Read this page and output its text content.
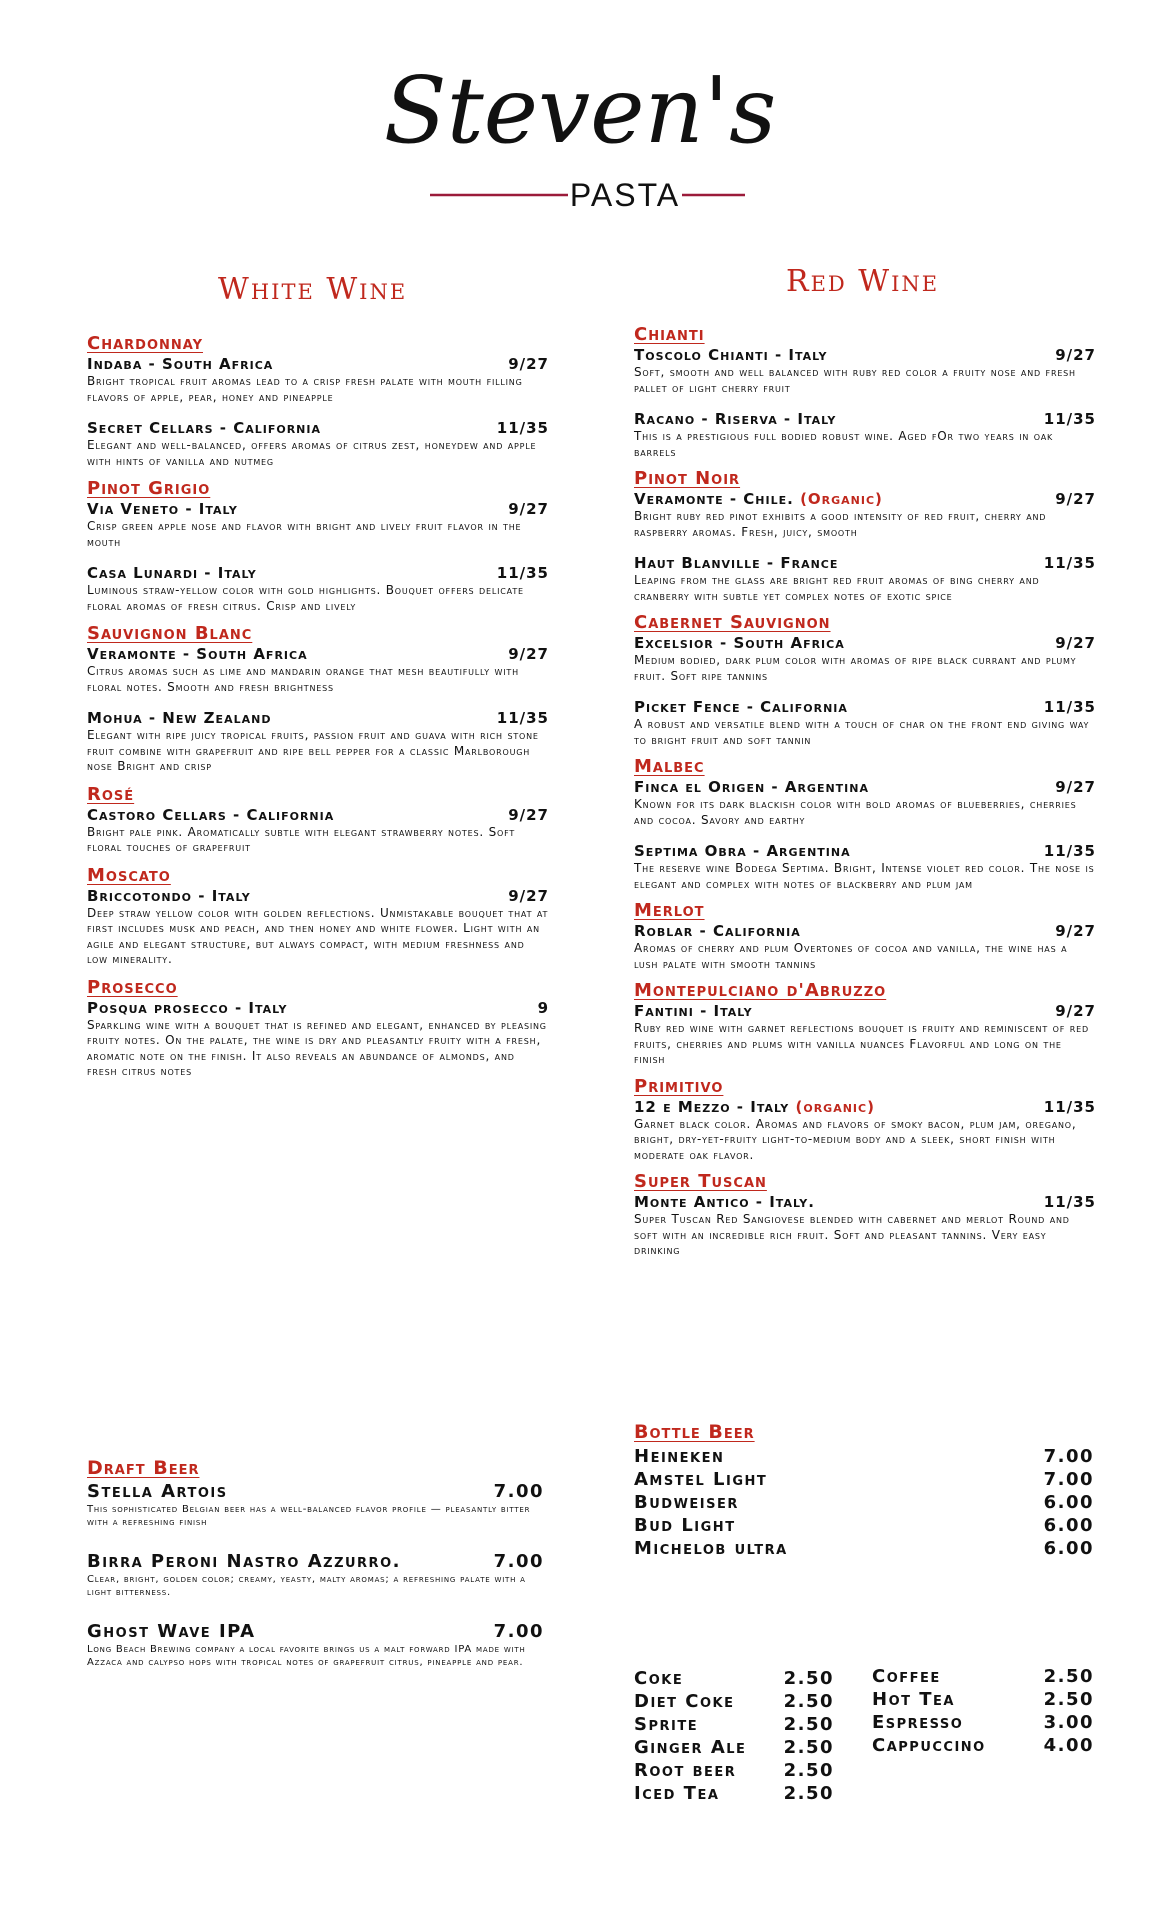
Steven's
PASTA
White Wine	Red Wine
Chardonnay
Indaba - South Africa	9/27
Bright tropical fruit aromas lead to a crisp fresh palate with mouth filling flavors of apple, pear, honey and pineapple
Secret Cellars - California	11/35
Elegant and well-balanced, offers aromas of citrus zest, honeydew and apple with hints of vanilla and nutmeg
Pinot Grigio
Via Veneto - Italy	9/27
Crisp green apple nose and flavor with bright and lively fruit flavor in the mouth
Casa Lunardi - Italy	11/35
Luminous straw-yellow color with gold highlights. Bouquet offers delicate floral aromas of fresh citrus. Crisp and lively
Sauvignon Blanc
Veramonte - South Africa	9/27
Citrus aromas such as lime and mandarin orange that mesh beautifully with floral notes. Smooth and fresh brightness
Mohua - New Zealand	11/35
Elegant with ripe juicy tropical fruits, passion fruit and guava with rich stone fruit combine with grapefruit and ripe bell pepper for a classic Marlborough nose Bright and crisp
Rosé
Castoro Cellars - California	9/27
Bright pale pink. Aromatically subtle with elegant strawberry notes. Soft floral touches of grapefruit
Moscato
Briccotondo - Italy	9/27
Deep straw yellow color with golden reflections. Unmistakable bouquet that at first includes musk and peach, and then honey and white flower. Light with an agile and elegant structure, but always compact, with medium freshness and low minerality.
Prosecco
Posqua prosecco - Italy	9
Sparkling wine with a bouquet that is refined and elegant, enhanced by pleasing fruity notes. On the palate, the wine is dry and pleasantly fruity with a fresh, aromatic note on the finish. It also reveals an abundance of almonds, and fresh citrus notes
Chianti
Toscolo Chianti - Italy	9/27
Soft, smooth and well balanced with ruby red color a fruity nose and fresh pallet of light cherry fruit
Racano - Riserva - Italy	11/35
This is a prestigious full bodied robust wine. Aged fOr two years in oak barrels
Pinot Noir
Veramonte - Chile. (Organic)	9/27
Bright ruby red pinot exhibits a good intensity of red fruit, cherry and raspberry aromas. Fresh, juicy, smooth
Haut Blanville - France	11/35
Leaping from the glass are bright red fruit aromas of bing cherry and cranberry with subtle yet complex notes of exotic spice
Cabernet Sauvignon
Excelsior - South Africa	9/27
Medium bodied, dark plum color with aromas of ripe black currant and plumy fruit. Soft ripe tannins
Picket Fence - California	11/35
A robust and versatile blend with a touch of char on the front end giving way to bright fruit and soft tannin
Malbec
Finca el Origen - Argentina	9/27
Known for its dark blackish color with bold aromas of blueberries, cherries and cocoa. Savory and earthy
Septima Obra - Argentina	11/35
The reserve wine Bodega Septima. Bright, Intense violet red color. The nose is elegant and complex with notes of blackberry and plum jam
Merlot
Roblar - California	9/27
Aromas of cherry and plum Overtones of cocoa and vanilla, the wine has a lush palate with smooth tannins
Montepulciano d'Abruzzo
Fantini - Italy	9/27
Ruby red wine with garnet reflections bouquet is fruity and reminiscent of red fruits, cherries and plums with vanilla nuances Flavorful and long on the finish
Primitivo
12 e Mezzo - Italy (organic)	11/35
Garnet black color. Aromas and flavors of smoky bacon, plum jam, oregano, bright, dry-yet-fruity light-to-medium body and a sleek, short finish with moderate oak flavor.
Super Tuscan
Monte Antico - Italy.	11/35
Super Tuscan Red Sangiovese blended with cabernet and merlot Round and soft with an incredible rich fruit. Soft and pleasant tannins. Very easy drinking
Draft Beer
Stella Artois	7.00
This sophisticated Belgian beer has a well-balanced flavor profile — pleasantly bitter with a refreshing finish
Birra Peroni Nastro Azzurro.	7.00
Clear, bright, golden color; creamy, yeasty, malty aromas; a refreshing palate with a light bitterness.
Ghost Wave IPA	7.00
Long Beach Brewing company a local favorite brings us a malt forward IPA made with Azzaca and calypso hops with tropical notes of grapefruit citrus, pineapple and pear.
Bottle Beer
Heineken	7.00
Amstel Light	7.00
Budweiser	6.00
Bud Light	6.00
Michelob ultra	6.00
Coke	2.50
Diet Coke	2.50
Sprite	2.50
Ginger Ale 2.50
Root beer	2.50
Iced Tea	2.50
Coffee	2.50
Hot Tea	2.50
Espresso	3.00
Cappuccino	4.00
